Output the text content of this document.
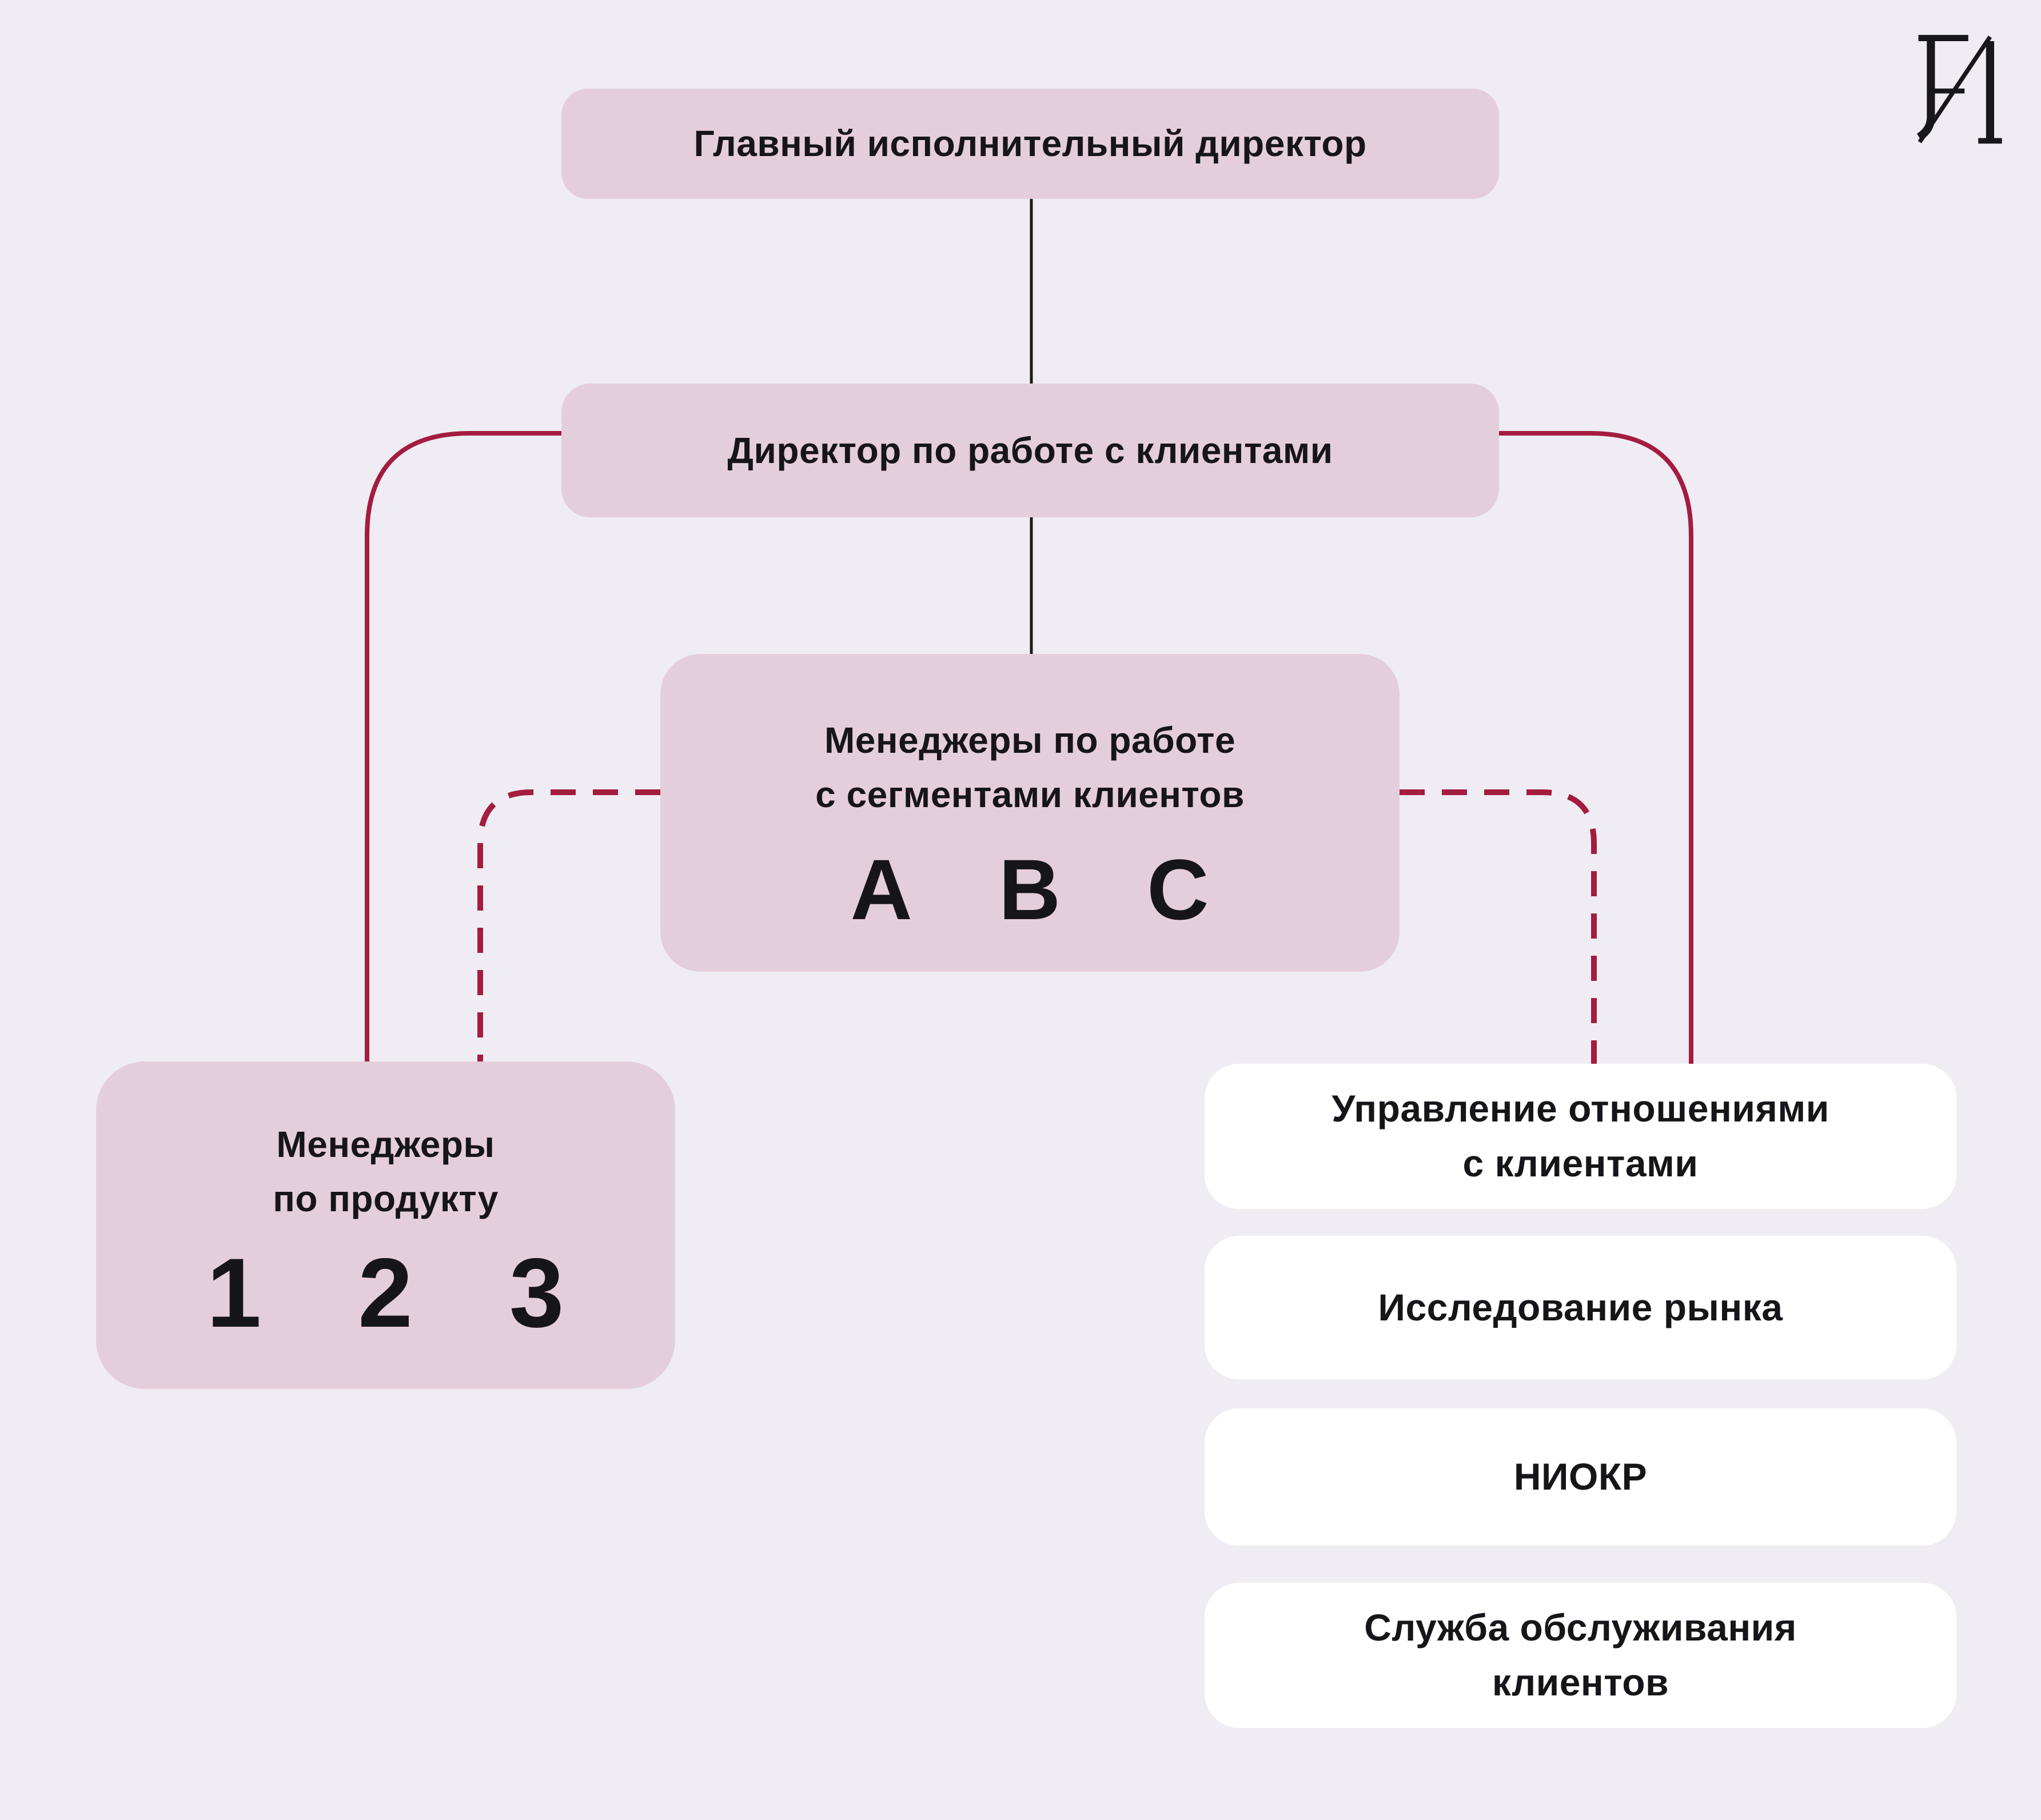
Главный исполнительный директор
Директор по работе с клиентами
Менеджеры по работе
с сегментами клиентов
А В С
Менеджеры
по продукту
1 2 3
Управление отношениями
с клиентами
Исследование рынка
НИОКР
Служба обслуживания
клиентов
